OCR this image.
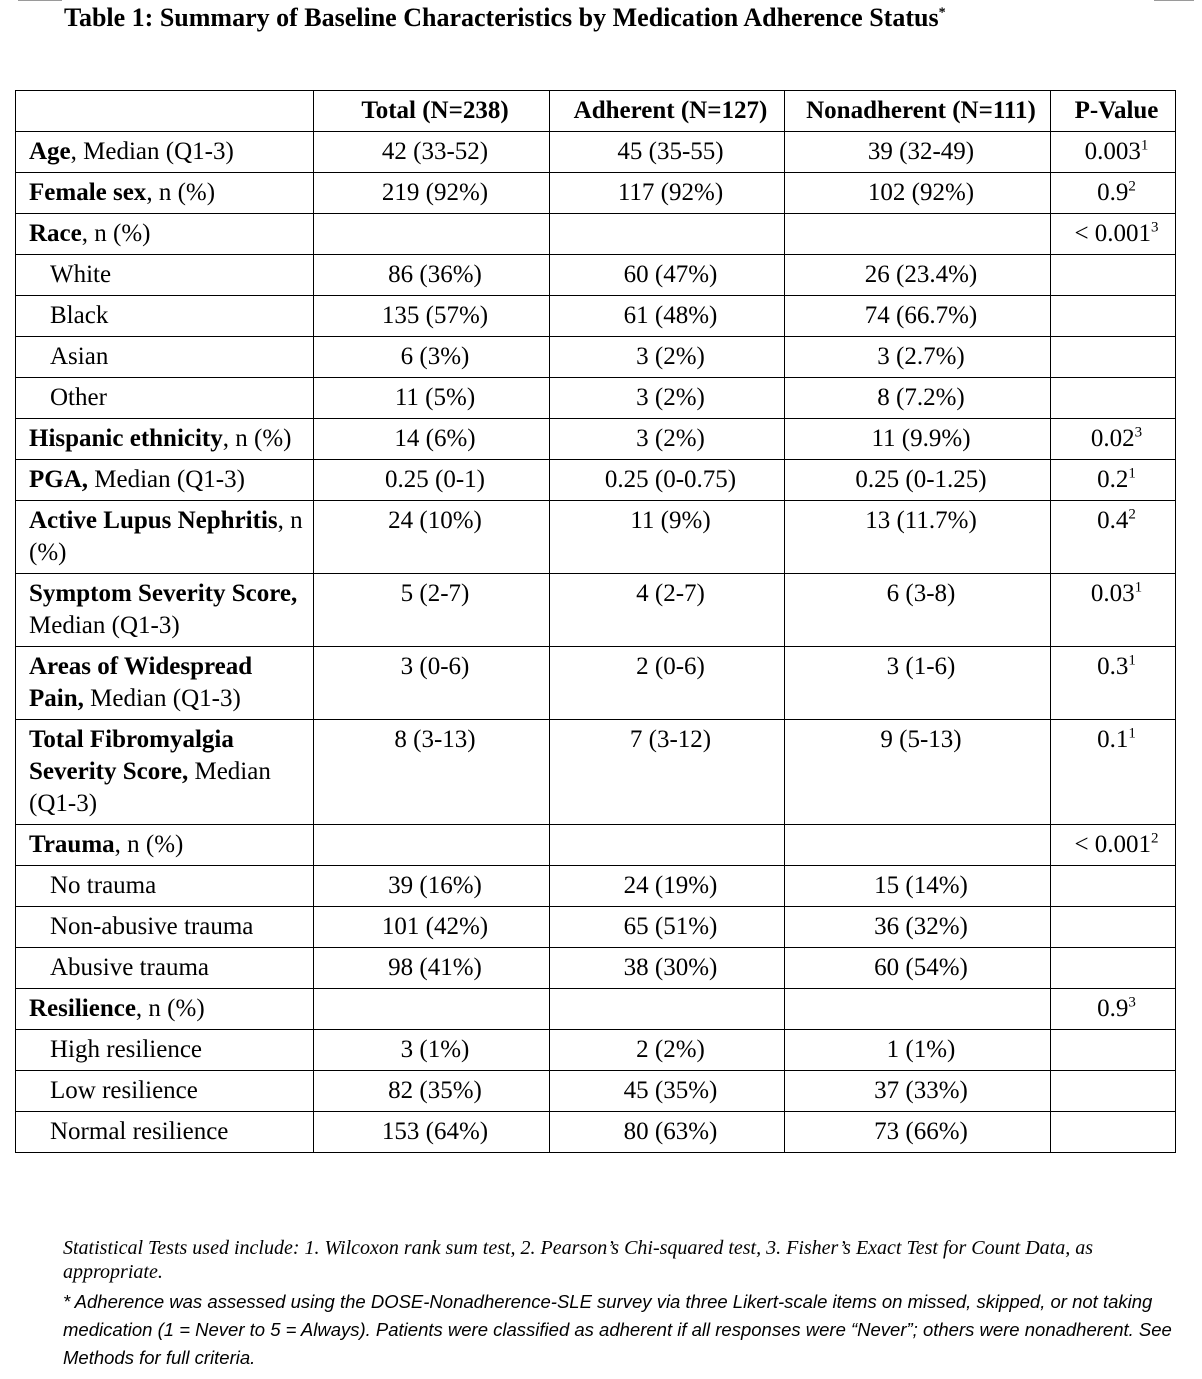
Table 1: Summary of Baseline Characteristics by Medication Adherence Status*
	Total (N=238)	Adherent (N=127)	Nonadherent (N=111)	P-Value
Age, Median (Q1-3)	42 (33-52)	45 (35-55)	39 (32-49)	0.003$^1$
Female sex, n (%)	219 (92%)	117 (92%)	102 (92%)	0.9$^2$
Race, n (%)				< 0.001$^3$
White	86 (36%)	60 (47%)	26 (23.4%)	
Black	135 (57%)	61 (48%)	74 (66.7%)	
Asian	6 (3%)	3 (2%)	3 (2.7%)	
Other	11 (5%)	3 (2%)	8 (7.2%)	
Hispanic ethnicity, n (%)	14 (6%)	3 (2%)	11 (9.9%)	0.02$^3$
PGA, Median (Q1-3)	0.25 (0-1)	0.25 (0-0.75)	0.25 (0-1.25)	0.2$^1$
Active Lupus Nephritis, n (%)	24 (10%)	11 (9%)	13 (11.7%)	0.4$^2$
Symptom Severity Score, Median (Q1-3)	5 (2-7)	4 (2-7)	6 (3-8)	0.03$^1$
Areas of Widespread Pain, Median (Q1-3)	3 (0-6)	2 (0-6)	3 (1-6)	0.3$^1$
Total Fibromyalgia Severity Score, Median (Q1-3)	8 (3-13)	7 (3-12)	9 (5-13)	0.1$^1$
Trauma, n (%)				< 0.001$^2$
No trauma	39 (16%)	24 (19%)	15 (14%)	
Non-abusive trauma	101 (42%)	65 (51%)	36 (32%)	
Abusive trauma	98 (41%)	38 (30%)	60 (54%)	
Resilience, n (%)				0.9$^3$
High resilience	3 (1%)	2 (2%)	1 (1%)	
Low resilience	82 (35%)	45 (35%)	37 (33%)	
Normal resilience	153 (64%)	80 (63%)	73 (66%)	
Statistical Tests used include: 1. Wilcoxon rank sum test, 2. Pearson’s Chi-squared test, 3. Fisher’s Exact Test for Count Data, as appropriate.
* Adherence was assessed using the DOSE-Nonadherence-SLE survey via three Likert-scale items on missed, skipped, or not taking medication (1 = Never to 5 = Always). Patients were classified as adherent if all responses were “Never”; others were nonadherent. See Methods for full criteria.
